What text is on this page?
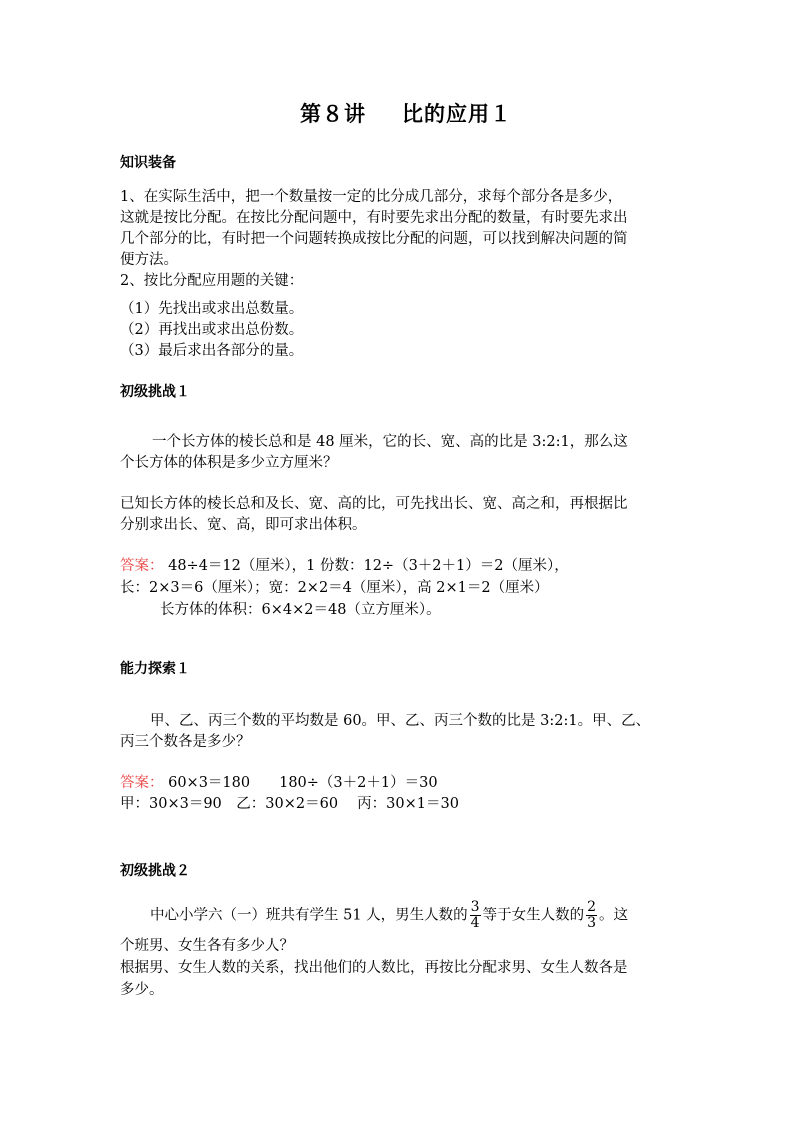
第８讲 比的应用１
知识装备
1、在实际生活中，把一个数量按一定的比分成几部分，求每个部分各是多少，
这就是按比分配。在按比分配问题中，有时要先求出分配的数量，有时要先求出
几个部分的比，有时把一个问题转换成按比分配的问题，可以找到解决问题的简
便方法。
2、按比分配应用题的关键：
（1）先找出或求出总数量。
（2）再找出或求出总份数。
（3）最后求出各部分的量。
初级挑战１
一个长方体的棱长总和是 48 厘米，它的长、宽、高的比是 3:2:1，那么这
个长方体的体积是多少立方厘米？
已知长方体的棱长总和及长、宽、高的比，可先找出长、宽、高之和，再根据比
分别求出长、宽、高，即可求出体积。
答案： 48÷4＝12（厘米），1 份数：12÷（3＋2＋1）＝2（厘米），
长：2×3＝6（厘米）；宽：2×2＝4（厘米），高 2×1＝2（厘米）
长方体的体积：6×4×2＝48（立方厘米）。
能力探索１
甲、乙、丙三个数的平均数是 60。甲、乙、丙三个数的比是 3:2:1。甲、乙、
丙三个数各是多少？
答案： 60×3＝180　　180÷（3＋2＋1）＝30
甲：30×3＝90　乙：30×2＝60　 丙：30×1＝30
初级挑战２
中心小学六（一）班共有学生 51 人，男生人数的 $\frac{3}{4}$ 等于女生人数的 $\frac{2}{3}$ 。这
个班男、女生各有多少人？
根据男、女生人数的关系，找出他们的人数比，再按比分配求男、女生人数各是
多少。
